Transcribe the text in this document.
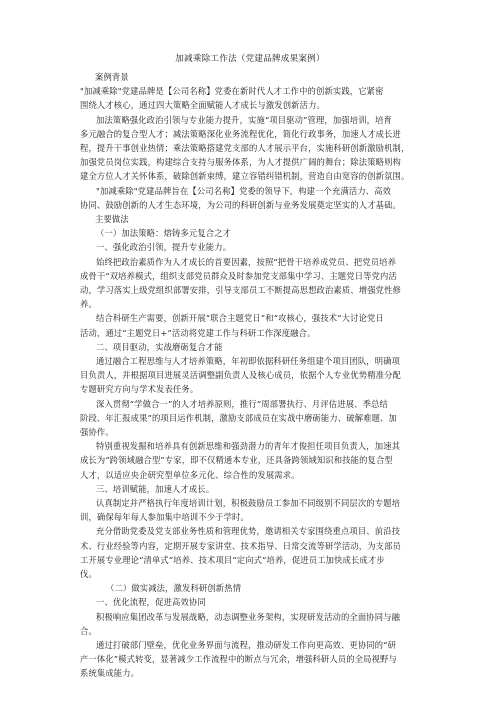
加减乘除工作法（党建品牌成果案例）
案例背景
"加减乘除"党建品牌是【公司名称】党委在新时代人才工作中的创新实践，它紧密
围绕人才核心，通过四大策略全面赋能人才成长与激发创新活力。
加法策略强化政治引领与专业能力提升，实施“项目驱动”管理，加强培训，培育
多元融合的复合型人才；减法策略深化业务流程优化，简化行政事务，加速人才成长进
程，提升干事创业热情；乘法策略搭建党支部的人才展示平台，实施科研创新激励机制，
加强党员岗位实践，构建综合支持与服务体系，为人才提供广阔的舞台；除法策略则构
建全方位人才关怀体系，破除创新束缚，建立容错纠错机制，营造自由宽容的创新氛围。
"加减乘除"党建品牌旨在【公司名称】党委的领导下，构建一个充满活力、高效
协同、鼓励创新的人才生态环境，为公司的科研创新与业务发展奠定坚实的人才基础。
主要做法
（一）加法策略：熔铸多元复合之才
一、强化政治引领，提升专业能力。
始终把政治素质作为人才成长的首要因素，按照“把骨干培养成党员、把党员培养
成骨干“双培养模式，组织支部党员群众及时参加党支部集中学习、主题党日等党内活
动，学习落实上级党组织部署安排，引导支部员工不断提高思想政治素质、增强党性修
养。
结合科研生产需要，创新开展“联合主题党日”和“攻核心，强技术”大讨论党日
活动，通过“主题党日+”活动将党建工作与科研工作深度融合。
二、项目驱动，实战磨砺复合才能
通过融合工程思维与人才培养策略，年初即依据科研任务组建个项目团队，明确项
目负责人，并根据项目进展灵活调整副负责人及核心成员，依据个人专业优势精准分配
专题研究方向与学术发表任务。
深入贯彻“学做合一”的人才培养原则，推行“周部署执行、月评估进展、季总结
阶段、年汇报成果”的项目运作机制，激励支部成员在实战中磨砺能力、破解难题、加
强协作。
特别重视发掘和培养具有创新思维和强劲潜力的青年才俊担任项目负责人，加速其
成长为“跨领域融合型”专家，即不仅精通本专业，还具备跨领域知识和技能的复合型
人才，以适应央企研究型单位多元化、综合性的发展需求。
三、培训赋能，加速人才成长。
认真制定并严格执行年度培训计划，积极鼓励员工参加不同级别不同层次的专题培
训，确保每年每人参加集中培训不少于学时。
充分借助党委及党支部业务性质和管理优势，邀请相关专家围绕重点项目、前沿技
术、行业经验等内容，定期开展专家讲堂、技术指导、日常交流等研学活动，为支部员
工开展专业理论“清单式”培养、技术项目“定向式”培养，促进员工加快成长成才步
伐。
（二）做实减法，激发科研创新热情
一、优化流程，促进高效协同
积极响应集团改革与发展战略，动态调整业务架构，实现研发活动的全面协同与融
合。
通过打破部门壁垒，优化业务界面与流程，推动研发工作向更高效、更协同的“研
产一体化”模式转变，显著减少工作流程中的断点与冗余，增强科研人员的全局视野与
系统集成能力。
